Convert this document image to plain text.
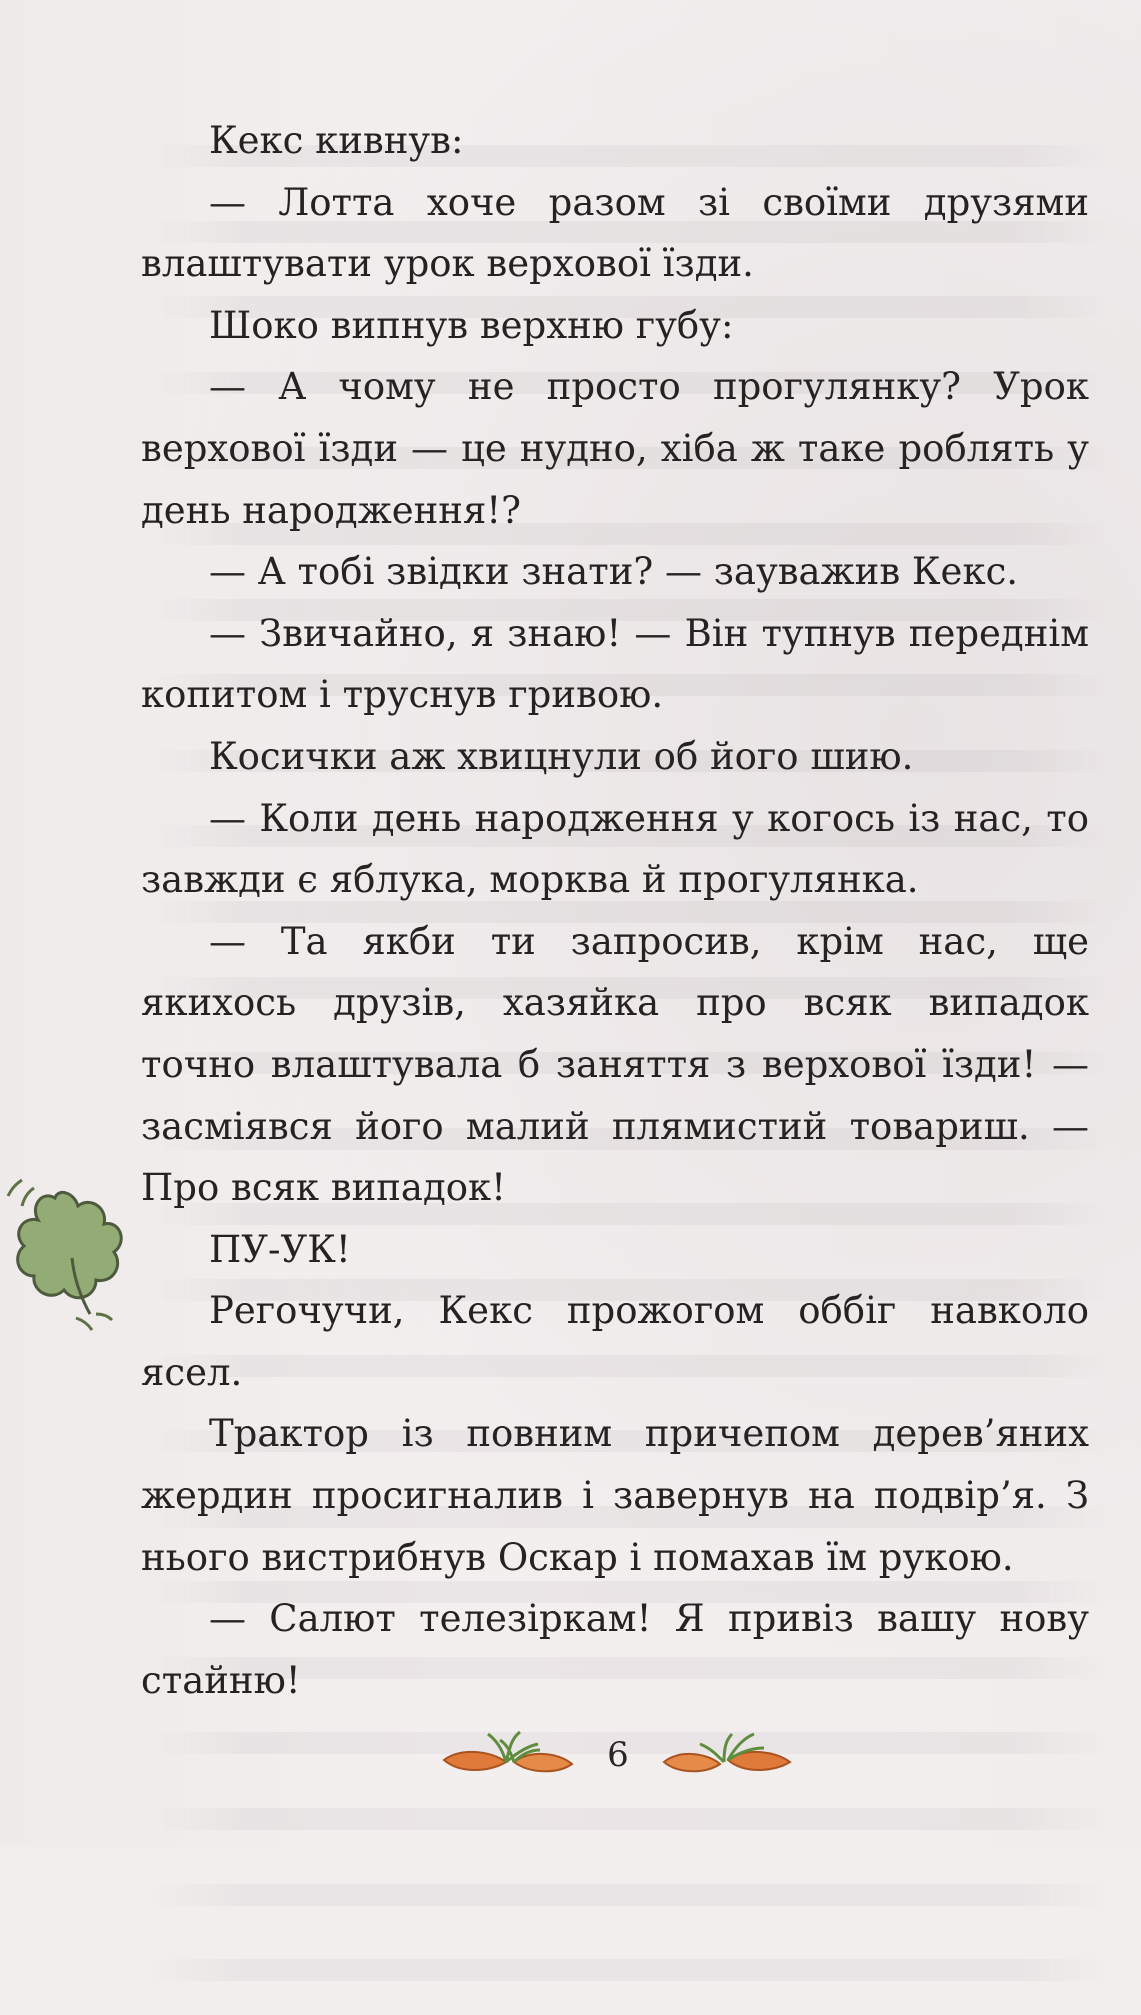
Кекс кивнув:

— Лотта хоче разом зі своїми друзями влаштувати урок верхової їзди.

Шоко випнув верхню губу:

— А чому не просто прогулянку? Урок верхової їзди — це нудно, хіба ж таке роблять у день народження!?

— А тобі звідки знати? — зауважив Кекс.

— Звичайно, я знаю! — Він тупнув переднім копитом і труснув гривою.

Косички аж хвицнули об його шию.

— Коли день народження у когось із нас, то завжди є яблука, морква й прогулянка.

— Та якби ти запросив, крім нас, ще якихось друзів, хазяйка про всяк випадок точно влаштувала б заняття з верхової їзди! — засміявся його малий плямистий товариш. — Про всяк випадок!

ПУ-УК!

Регочучи, Кекс прожогом оббіг навколо ясел.

Трактор із повним причепом дерев’яних жердин просигналив і завернув на подвір’я. З нього вистрибнув Оскар і помахав їм рукою.

— Салют телезіркам! Я привіз вашу нову стайню!

6
